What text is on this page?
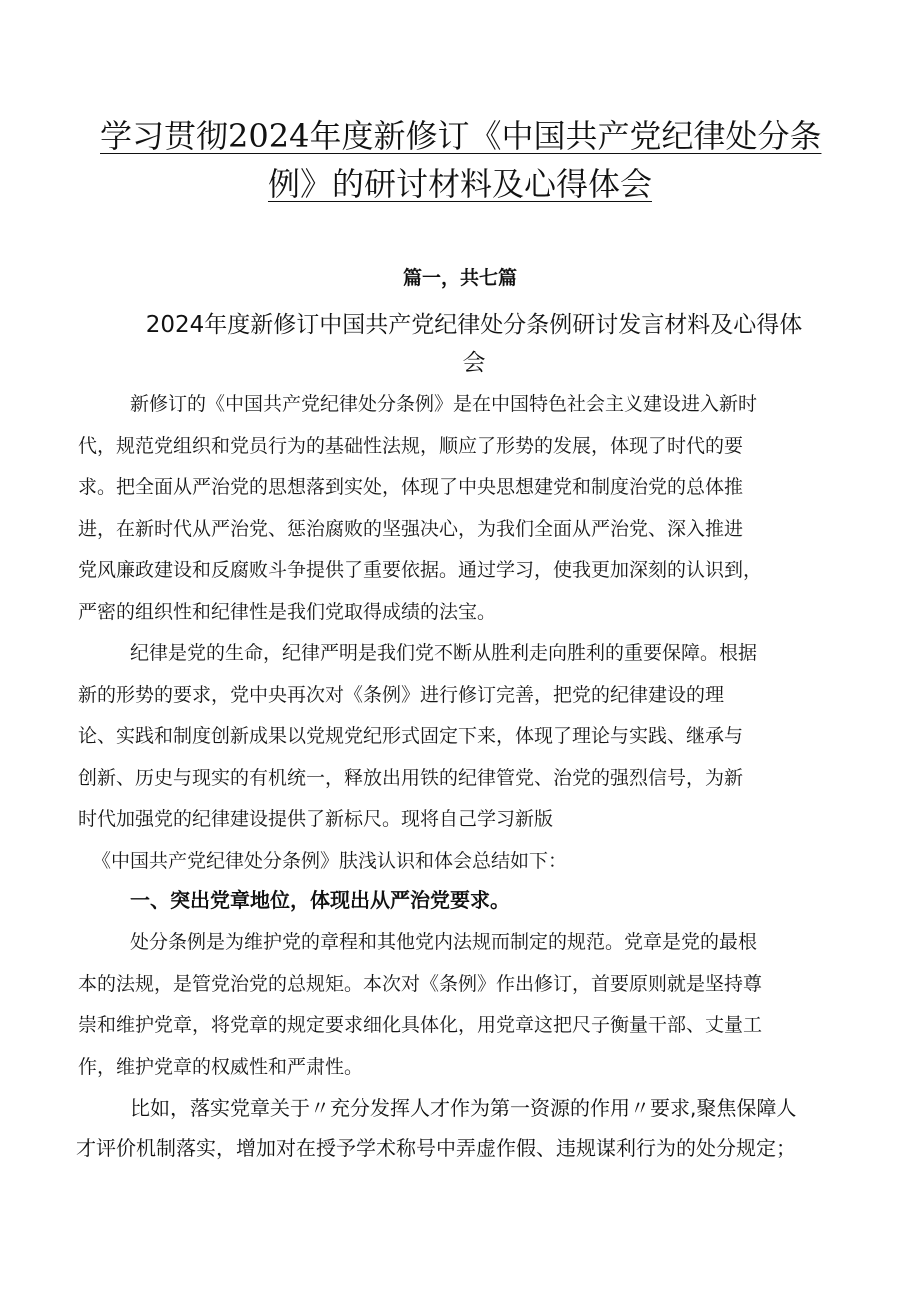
学习贯彻2024年度新修订《中国共产党纪律处分条
例》的研讨材料及心得体会
篇一，共七篇
2024年度新修订中国共产党纪律处分条例研讨发言材料及心得体
会
新修订的《中国共产党纪律处分条例》是在中国特色社会主义建设进入新时
代，规范党组织和党员行为的基础性法规，顺应了形势的发展，体现了时代的要
求。把全面从严治党的思想落到实处，体现了中央思想建党和制度治党的总体推
进，在新时代从严治党、惩治腐败的坚强决心，为我们全面从严治党、深入推进
党风廉政建设和反腐败斗争提供了重要依据。通过学习，使我更加深刻的认识到，
严密的组织性和纪律性是我们党取得成绩的法宝。
纪律是党的生命，纪律严明是我们党不断从胜利走向胜利的重要保障。根据
新的形势的要求，党中央再次对《条例》进行修订完善，把党的纪律建设的理
论、实践和制度创新成果以党规党纪形式固定下来，体现了理论与实践、继承与
创新、历史与现实的有机统一，释放出用铁的纪律管党、治党的强烈信号，为新
时代加强党的纪律建设提供了新标尺。现将自己学习新版
《中国共产党纪律处分条例》肤浅认识和体会总结如下：
一、突出党章地位，体现出从严治党要求。
处分条例是为维护党的章程和其他党内法规而制定的规范。党章是党的最根
本的法规，是管党治党的总规矩。本次对《条例》作出修订，首要原则就是坚持尊
崇和维护党章，将党章的规定要求细化具体化，用党章这把尺子衡量干部、丈量工
作，维护党章的权威性和严肃性。
比如，落实党章关于〃充分发挥人才作为第一资源的作用〃要求,聚焦保障人
才评价机制落实，增加对在授予学术称号中弄虚作假、违规谋利行为的处分规定；
